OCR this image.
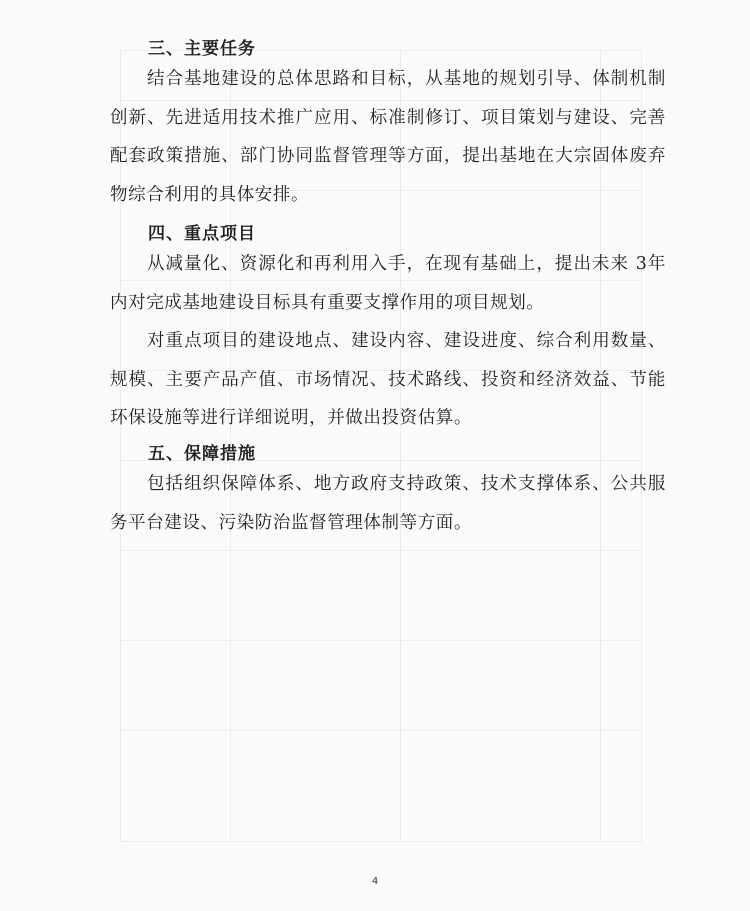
三、主要任务

结合基地建设的总体思路和目标，从基地的规划引导、体制机制创新、先进适用技术推广应用、标准制修订、项目策划与建设、完善配套政策措施、部门协同监督管理等方面，提出基地在大宗固体废弃物综合利用的具体安排。

四、重点项目

从减量化、资源化和再利用入手，在现有基础上，提出未来 3年内对完成基地建设目标具有重要支撑作用的项目规划。

对重点项目的建设地点、建设内容、建设进度、综合利用数量、规模、主要产品产值、市场情况、技术路线、投资和经济效益、节能环保设施等进行详细说明，并做出投资估算。

五、保障措施

包括组织保障体系、地方政府支持政策、技术支撑体系、公共服务平台建设、污染防治监督管理体制等方面。

4
